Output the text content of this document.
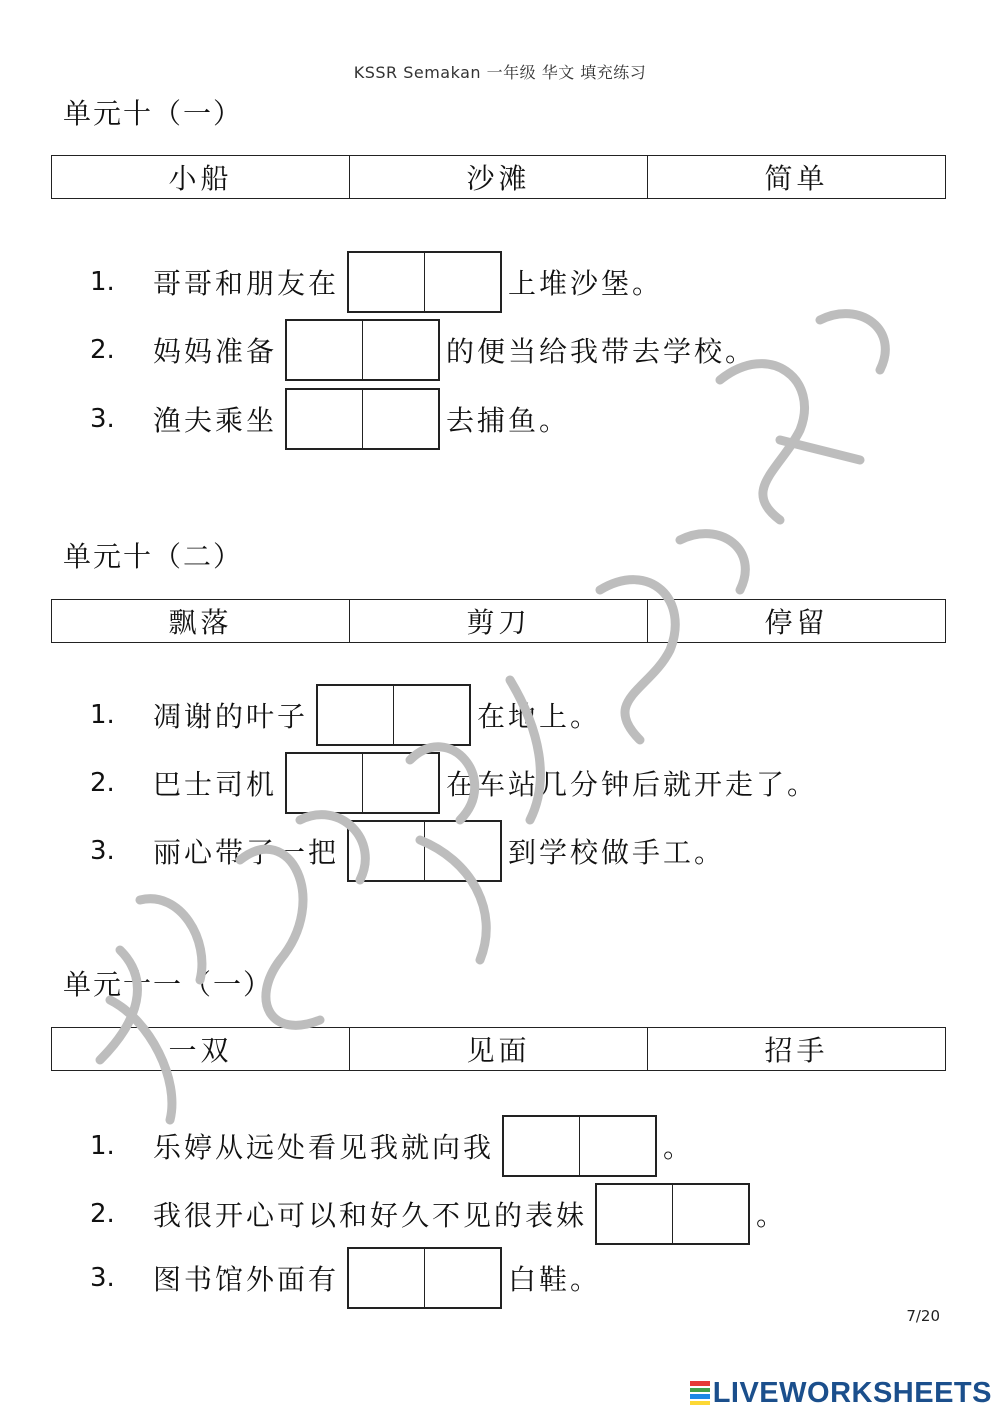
KSSR Semakan 一年级 华文 填充练习
单元十（一）
小船	沙滩	简单
1.	哥哥和朋友在	上堆沙堡。
2.	妈妈准备	的便当给我带去学校。
3.	渔夫乘坐	去捕鱼。
单元十（二）
飘落	剪刀	停留
1.	凋谢的叶子	在地上。
2.	巴士司机	在车站几分钟后就开走了。
3.	丽心带了一把	到学校做手工。
单元十一（一）
一双	见面	招手
1.	乐婷从远处看见我就向我	。
2.	我很开心可以和好久不见的表妹	。
3.	图书馆外面有	白鞋。
7/20
LIVEWORKSHEETS
